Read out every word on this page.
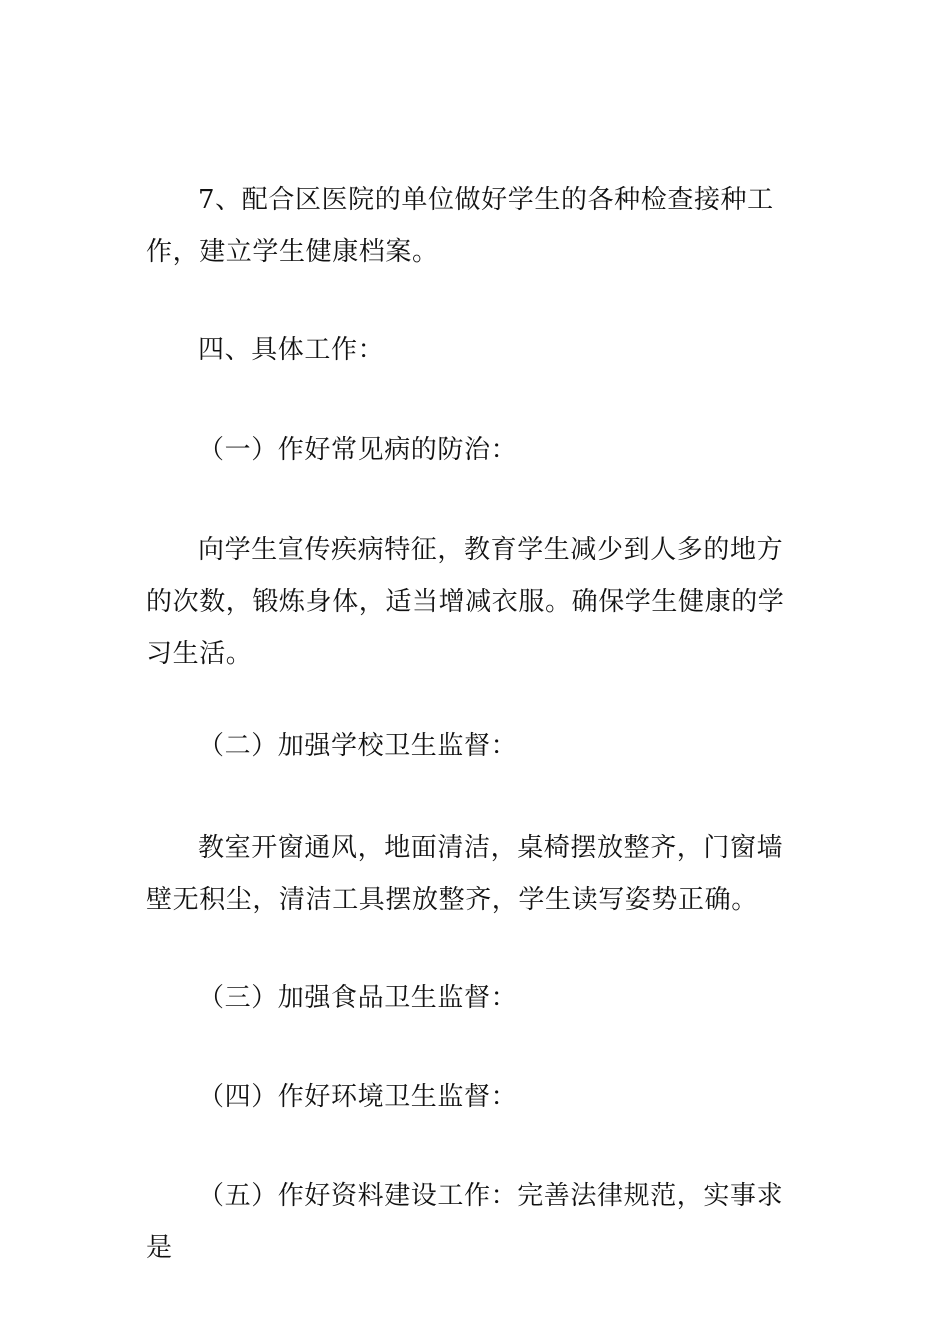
7、配合区医院的单位做好学生的各种检查接种工作，建立学生健康档案。

四、具体工作：

（一）作好常见病的防治：

向学生宣传疾病特征，教育学生减少到人多的地方的次数，锻炼身体，适当增减衣服。确保学生健康的学习生活。

（二）加强学校卫生监督：

教室开窗通风，地面清洁，桌椅摆放整齐，门窗墙壁无积尘，清洁工具摆放整齐，学生读写姿势正确。

（三）加强食品卫生监督：

（四）作好环境卫生监督：

（五）作好资料建设工作：完善法律规范，实事求是
